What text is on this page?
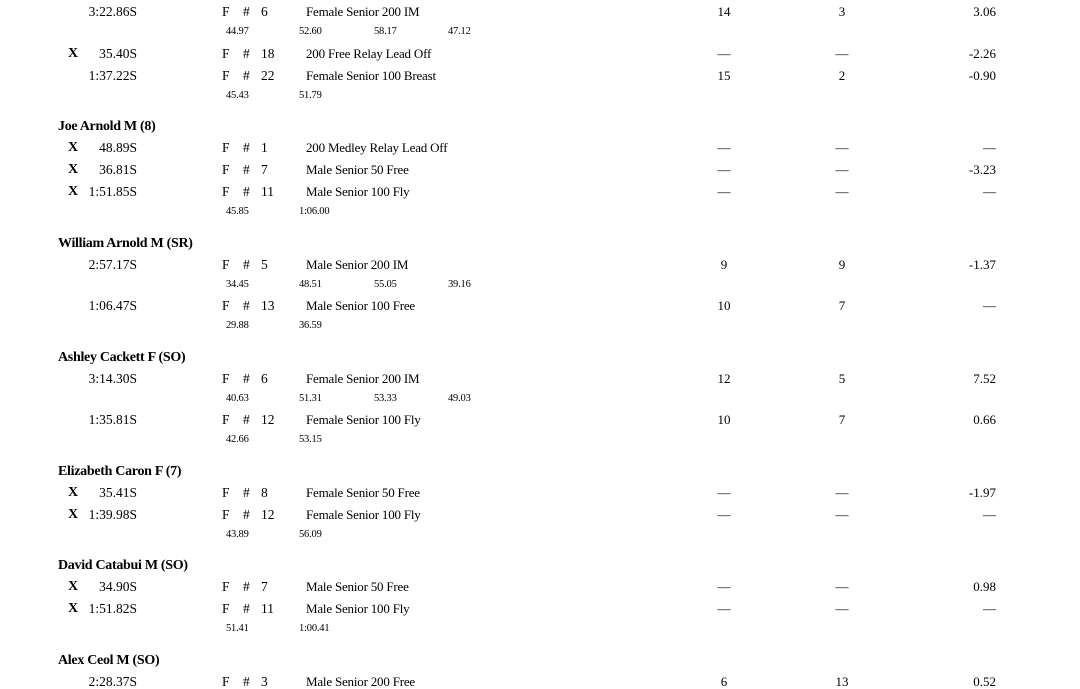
3:22.86S	F # 6	Female Senior 200 IM	14	3	3.06
44.97	52.60	58.17	47.12
X 35.40S	F # 18 200 Free Relay Lead Off	—	—	-2.26
1:37.22S	F # 22 Female Senior 100 Breast	15	2	-0.90
45.43	51.79
Joe Arnold M (8)
X 48.89S	F # 1	200 Medley Relay Lead Off	—	—	—
X 36.81S	F # 7	Male Senior 50 Free	—	—	-3.23
X 1:51.85S	F # 11 Male Senior 100 Fly	—	—	—
45.85	1:06.00
William Arnold M (SR)
2:57.17S	F # 5	Male Senior 200 IM	9	9	-1.37
34.45	48.51	55.05	39.16
1:06.47S	F # 13 Male Senior 100 Free	10	7	—
29.88	36.59
Ashley Cackett F (SO)
3:14.30S	F # 6	Female Senior 200 IM	12	5	7.52
40.63	51.31	53.33	49.03
1:35.81S	F # 12 Female Senior 100 Fly	10	7	0.66
42.66	53.15
Elizabeth Caron F (7)
X 35.41S	F # 8	Female Senior 50 Free	—	—	-1.97
X 1:39.98S	F # 12 Female Senior 100 Fly	—	—	—
43.89	56.09
David Catabui M (SO)
X 34.90S	F # 7	Male Senior 50 Free	—	—	0.98
X 1:51.82S	F # 11 Male Senior 100 Fly	—	—	—
51.41	1:00.41
Alex Ceol M (SO)
2:28.37S	F # 3	Male Senior 200 Free	6	13	0.52
